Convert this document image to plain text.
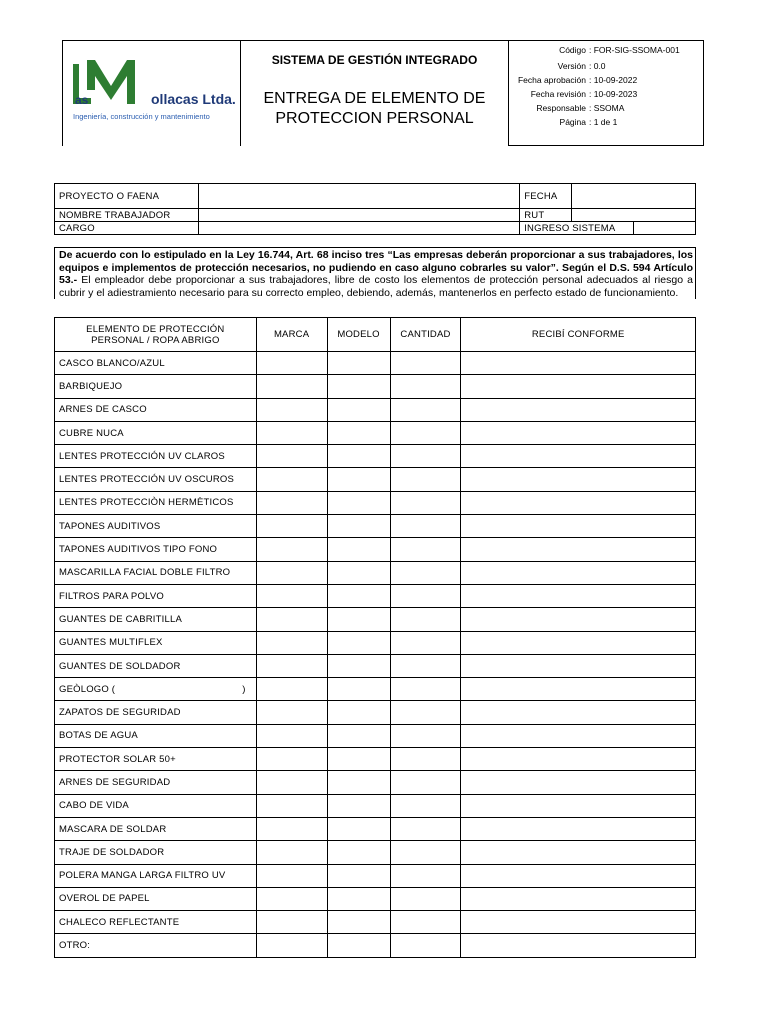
as	ollacas Ltda.
Ingeniería, construcción y mantenimiento
SISTEMA DE GESTIÓN INTEGRADO
ENTREGA DE ELEMENTO DE
PROTECCION PERSONAL
Código : FOR-SIG-SSOMA-001
Versión : 0.0
Fecha aprobación : 10-09-2022
Fecha revisión : 10-09-2023
Responsable : SSOMA
Página : 1 de 1
PROYECTO O FAENA		FECHA		
NOMBRE TRABAJADOR		RUT		
CARGO		INGRESO SISTEMA		
De acuerdo con lo estipulado en la Ley 16.744, Art. 68 inciso tres “Las empresas deberán proporcionar a sus trabajadores, los equipos e implementos de protección necesarios, no pudiendo en caso alguno cobrarles su valor”. Según el D.S. 594 Artículo 53.- El empleador debe proporcionar a sus trabajadores, libre de costo los elementos de protección personal adecuados al riesgo a cubrir y el adiestramiento necesario para su correcto empleo, debiendo, además, mantenerlos en perfecto estado de funcionamiento.
ELEMENTO DE PROTECCIÓN
PERSONAL / ROPA ABRIGO	MARCA	MODELO	CANTIDAD	RECIBÍ CONFORME
CASCO BLANCO/AZUL				
BARBIQUEJO				
ARNES DE CASCO				
CUBRE NUCA				
LENTES PROTECCIÓN UV CLAROS				
LENTES PROTECCIÓN UV OSCUROS				
LENTES PROTECCIÒN HERMÈTICOS				
TAPONES AUDITIVOS				
TAPONES AUDITIVOS TIPO FONO				
MASCARILLA FACIAL DOBLE FILTRO				
FILTROS PARA POLVO				
GUANTES DE CABRITILLA				
GUANTES MULTIFLEX				
GUANTES DE SOLDADOR				
GEÒLOGO ( )				

ZAPATOS DE SEGURIDAD				
BOTAS DE AGUA				
PROTECTOR SOLAR 50+				
ARNES DE SEGURIDAD				
CABO DE VIDA				
MASCARA DE SOLDAR				
TRAJE DE SOLDADOR				
POLERA MANGA LARGA FILTRO UV				
OVEROL DE PAPEL				
CHALECO REFLECTANTE				
OTRO:				
